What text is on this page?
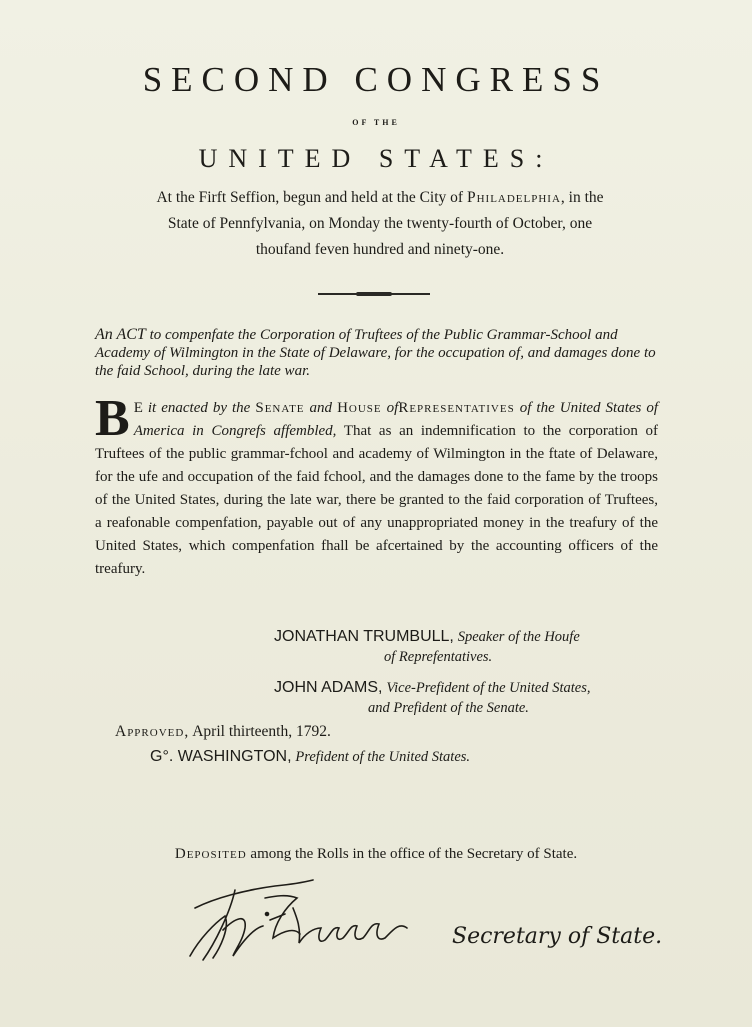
SECOND CONGRESS
OF THE
UNITED STATES:
At the Firft Seffion, begun and held at the City of Philadelphia, in the
State of Pennfylvania, on Monday the twenty-fourth of October, one
thoufand feven hundred and ninety-one.
An ACT to compenfate the Corporation of Truftees of the Public Grammar-School and Academy of Wilmington in the State of Delaware, for the occupation of, and damages done to the faid School, during the late war.
B E it enacted by the Senate and House ofRepresentatives of the United States of America in Congrefs affembled, That as an indemnification to the corporation of Truftees of the public grammar-fchool and academy of Wilmington in the ftate of Delaware, for the ufe and occupation of the faid fchool, and the damages done to the fame by the troops of the United States, during the late war, there be granted to the faid corporation of Truftees, a reafonable compenfation, payable out of any unappropriated money in the treafury of the United States, which compenfation fhall be afcertained by the accounting officers of the treafury.
JONATHAN TRUMBULL, Speaker of the Houfe
of Reprefentatives.
JOHN ADAMS, Vice-Prefident of the United States,
and Prefident of the Senate.
Approved, April thirteenth, 1792.
G°. WASHINGTON, Prefident of the United States.
Deposited among the Rolls in the office of the Secretary of State.
Secretary of State.
